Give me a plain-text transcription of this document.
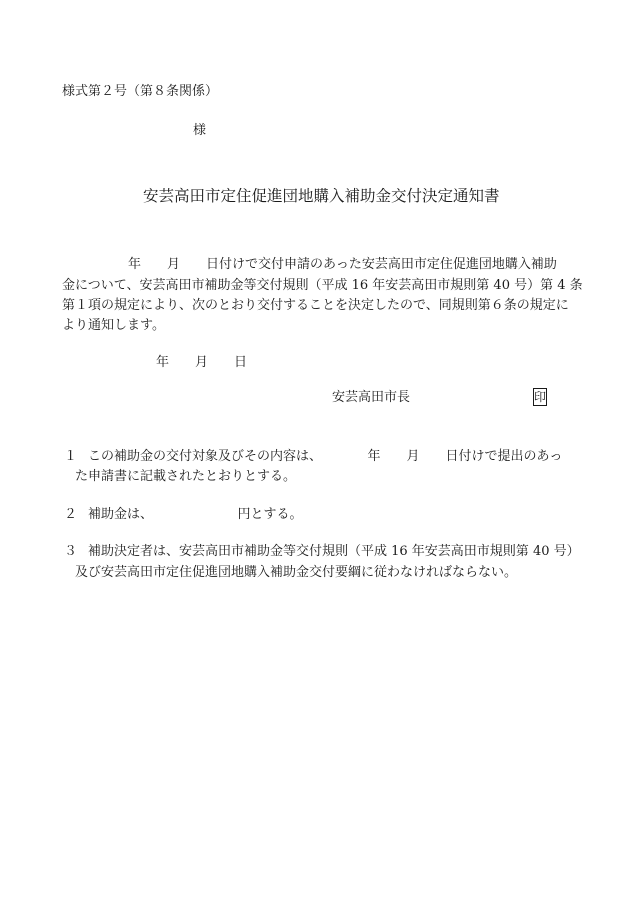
様式第２号（第８条関係）

様

安芸高田市定住促進団地購入補助金交付決定通知書

年　　月　　日付けで交付申請のあった安芸高田市定住促進団地購入補助

金について、安芸高田市補助金等交付規則（平成 16 年安芸高田市規則第 40 号）第 4 条

第１項の規定により、次のとおり交付することを決定したので、同規則第６条の規定に

より通知します。

年　　月　　日

安芸高田市長	印
１ この補助金の交付対象及びその内容は、　　　　年　　月　　日付けで提出のあっ
た申請書に記載されたとおりとする。
２ 補助金は、　　　　　　　円とする。
３ 補助決定者は、安芸高田市補助金等交付規則（平成 16 年安芸高田市規則第 40 号）
及び安芸高田市定住促進団地購入補助金交付要綱に従わなければならない。
